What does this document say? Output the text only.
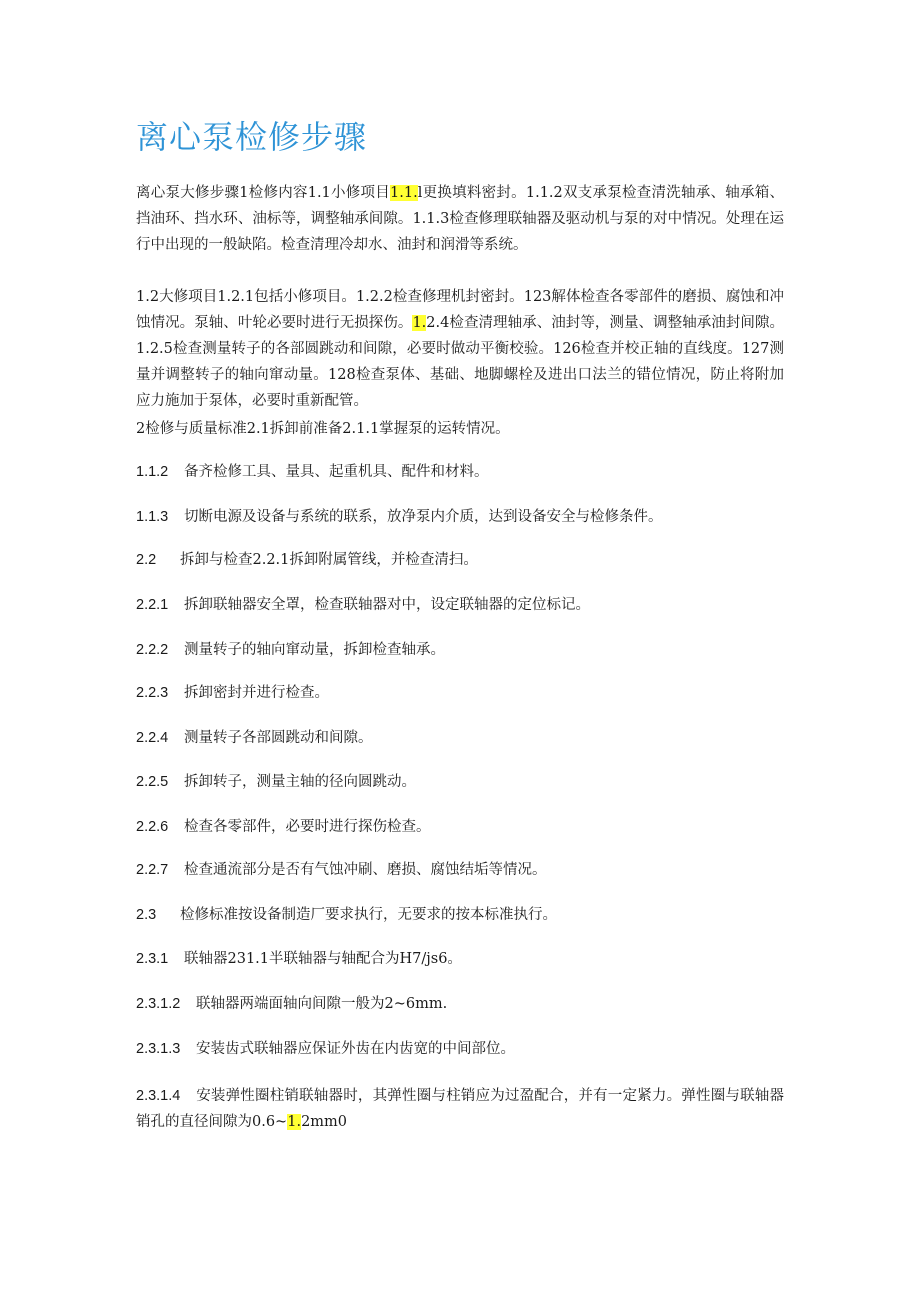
离心泵检修步骤

离心泵大修步骤1检修内容1.1小修项目1.1.l更换填料密封。1.1.2双支承泵检查清洗轴承、轴承箱、挡油环、挡水环、油标等，调整轴承间隙。1.1.3检查修理联轴器及驱动机与泵的对中情况。处理在运行中出现的一般缺陷。检查清理冷却水、油封和润滑等系统。

1.2大修项目1.2.1包括小修项目。1.2.2检查修理机封密封。123解体检查各零部件的磨损、腐蚀和冲蚀情况。泵轴、叶轮必要时进行无损探伤。1.2.4检查清理轴承、油封等，测量、调整轴承油封间隙。1.2.5检查测量转子的各部圆跳动和间隙，必要时做动平衡校验。126检查并校正轴的直线度。127测量并调整转子的轴向窜动量。128检查泵体、基础、地脚螺栓及进出口法兰的错位情况，防止将附加应力施加于泵体，必要时重新配管。

2检修与质量标准2.1拆卸前准备2.1.1掌握泵的运转情况。

1.1.2 备齐检修工具、量具、起重机具、配件和材料。

1.1.3 切断电源及设备与系统的联系，放净泵内介质，达到设备安全与检修条件。

2.2 拆卸与检查2.2.1拆卸附属管线，并检查清扫。

2.2.1 拆卸联轴器安全罩，检查联轴器对中，设定联轴器的定位标记。

2.2.2 测量转子的轴向窜动量，拆卸检查轴承。

2.2.3 拆卸密封并进行检查。

2.2.4 测量转子各部圆跳动和间隙。

2.2.5 拆卸转子，测量主轴的径向圆跳动。

2.2.6 检查各零部件，必要时进行探伤检查。

2.2.7 检查通流部分是否有气蚀冲刷、磨损、腐蚀结垢等情况。

2.3 检修标准按设备制造厂要求执行，无要求的按本标准执行。

2.3.1 联轴器231.1半联轴器与轴配合为H7/js6。

2.3.1.2 联轴器两端面轴向间隙一般为2~6mm.

2.3.1.3 安装齿式联轴器应保证外齿在内齿宽的中间部位。

2.3.1.4 安装弹性圈柱销联轴器时，其弹性圈与柱销应为过盈配合，并有一定紧力。弹性圈与联轴器销孔的直径间隙为0.6~1.2mm0
